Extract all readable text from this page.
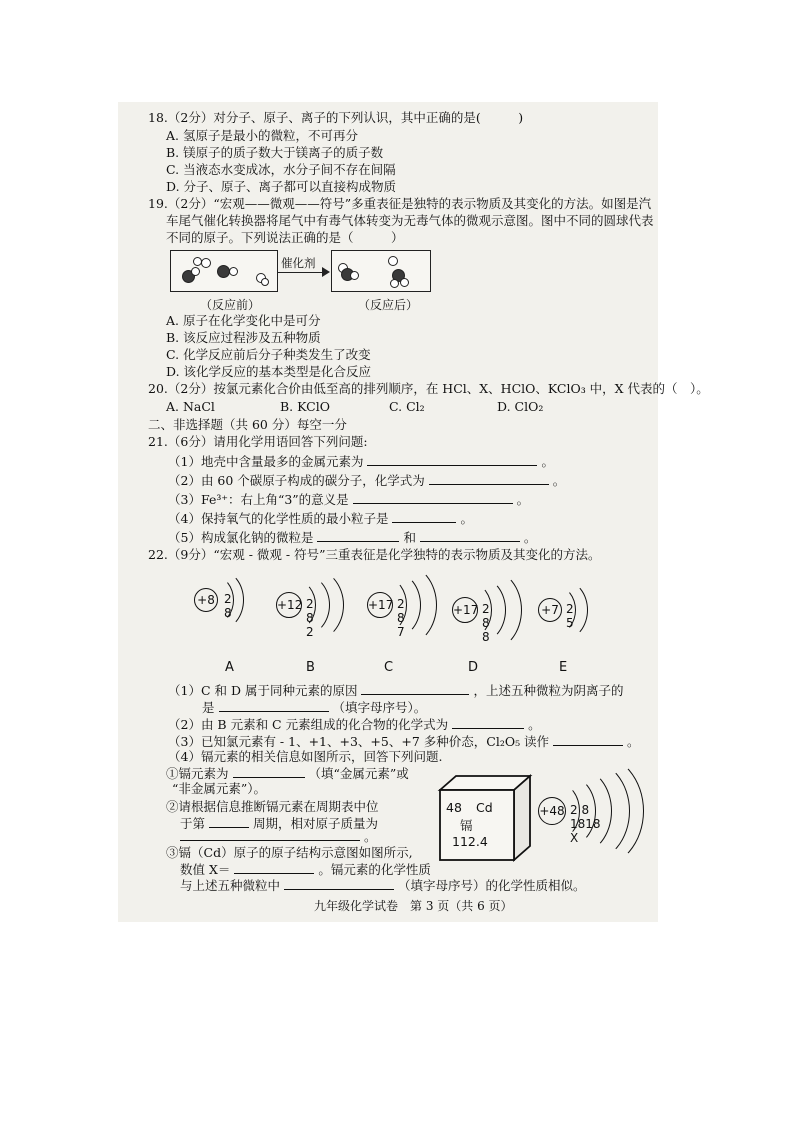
18.（2分）对分子、原子、离子的下列认识，其中正确的是(　　　)
A. 氢原子是最小的微粒，不可再分
B. 镁原子的质子数大于镁离子的质子数
C. 当液态水变成冰，水分子间不存在间隔
D. 分子、原子、离子都可以直接构成物质
19.（2分）“宏观——微观——符号”多重表征是独特的表示物质及其变化的方法。如图是汽
车尾气催化转换器将尾气中有毒气体转变为无毒气体的微观示意图。图中不同的圆球代表
不同的原子。下列说法正确的是（　　　）
催化剂
（反应前）	（反应后）
A. 原子在化学变化中是可分
B. 该反应过程涉及五种物质
C. 化学反应前后分子种类发生了改变
D. 该化学反应的基本类型是化合反应
20.（2分）按氯元素化合价由低至高的排列顺序，在 HCl、X、HClO、KClO₃ 中，X 代表的（　）。
A. NaCl	B. KClO	C. Cl₂	D. ClO₂
二、非选择题（共 60 分）每空一分
21.（6分）请用化学用语回答下列问题:
（1）地壳中含量最多的金属元素为	。
（2）由 60 个碳原子构成的碳分子，化学式为	。
（3）Fe³⁺：右上角“3”的意义是	。
（4）保持氧气的化学性质的最小粒子是	。
（5）构成氯化钠的微粒是	和	。
22.（9分）“宏观 - 微观 - 符号”三重表征是化学独特的表示物质及其变化的方法。
+8 2 8
A
+12 2 8 2
B
+17 2 8 7
C
+17 2 8 8
D
+7 2 5
E
（1）C 和 D 属于同种元素的原因	，上述五种微粒为阴离子的
是	（填字母序号）。
（2）由 B 元素和 C 元素组成的化合物的化学式为	。
（3）已知氯元素有 - 1、+1、+3、+5、+7 多种价态，Cl₂O₅ 读作	。
（4）镉元素的相关信息如图所示，回答下列问题.
①镉元素为	（填“金属元素”或
“非金属元素”）。
②请根据信息推断镉元素在周期表中位
于第	周期，相对原子质量为
。
③镉（Cd）原子的原子结构示意图如图所示,
数值 X＝	。镉元素的化学性质
与上述五种微粒中	（填字母序号）的化学性质相似。
48 Cd
镉
112.4
+48 2 8 1818 X
九年级化学试卷　第 3 页（共 6 页）
